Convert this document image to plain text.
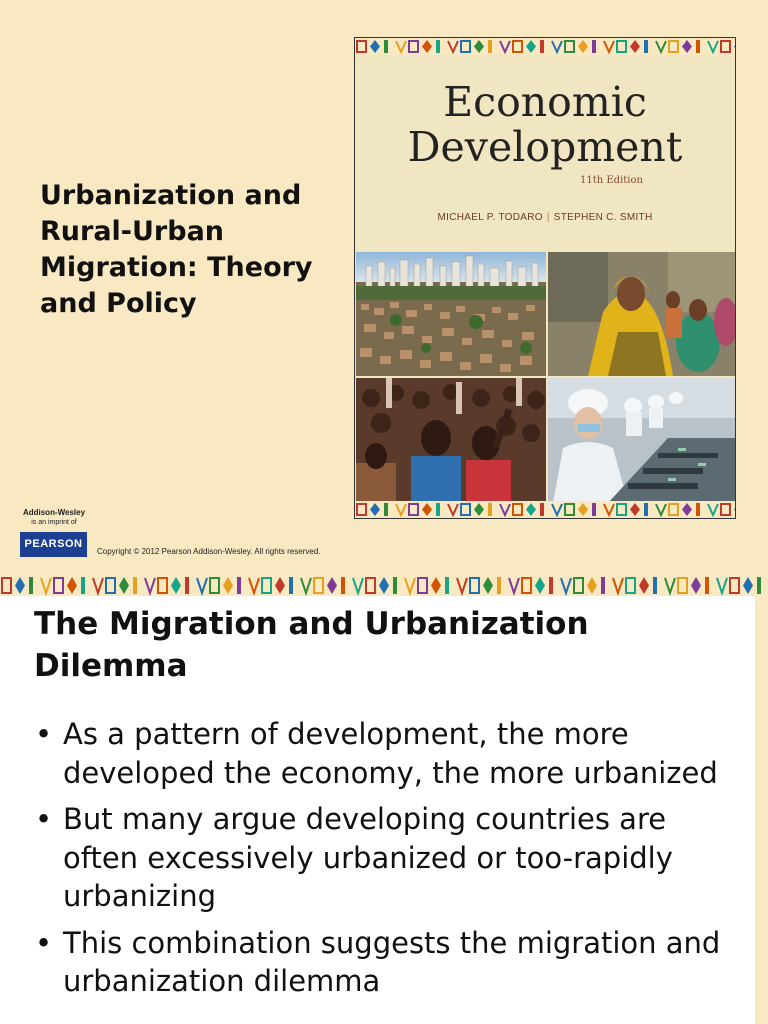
Urbanization and Rural-Urban Migration: Theory and Policy
Economic
Development
11th Edition
MICHAEL P. TODARO | STEPHEN C. SMITH
Addison-Wesley
is an imprint of
PEARSON
Copyright © 2012 Pearson Addison-Wesley. All rights reserved.
The Migration and Urbanization Dilemma
• As a pattern of development, the more developed the economy, the more urbanized
• But many argue developing countries are often excessively urbanized or too-rapidly urbanizing
• This combination suggests the migration and urbanization dilemma
